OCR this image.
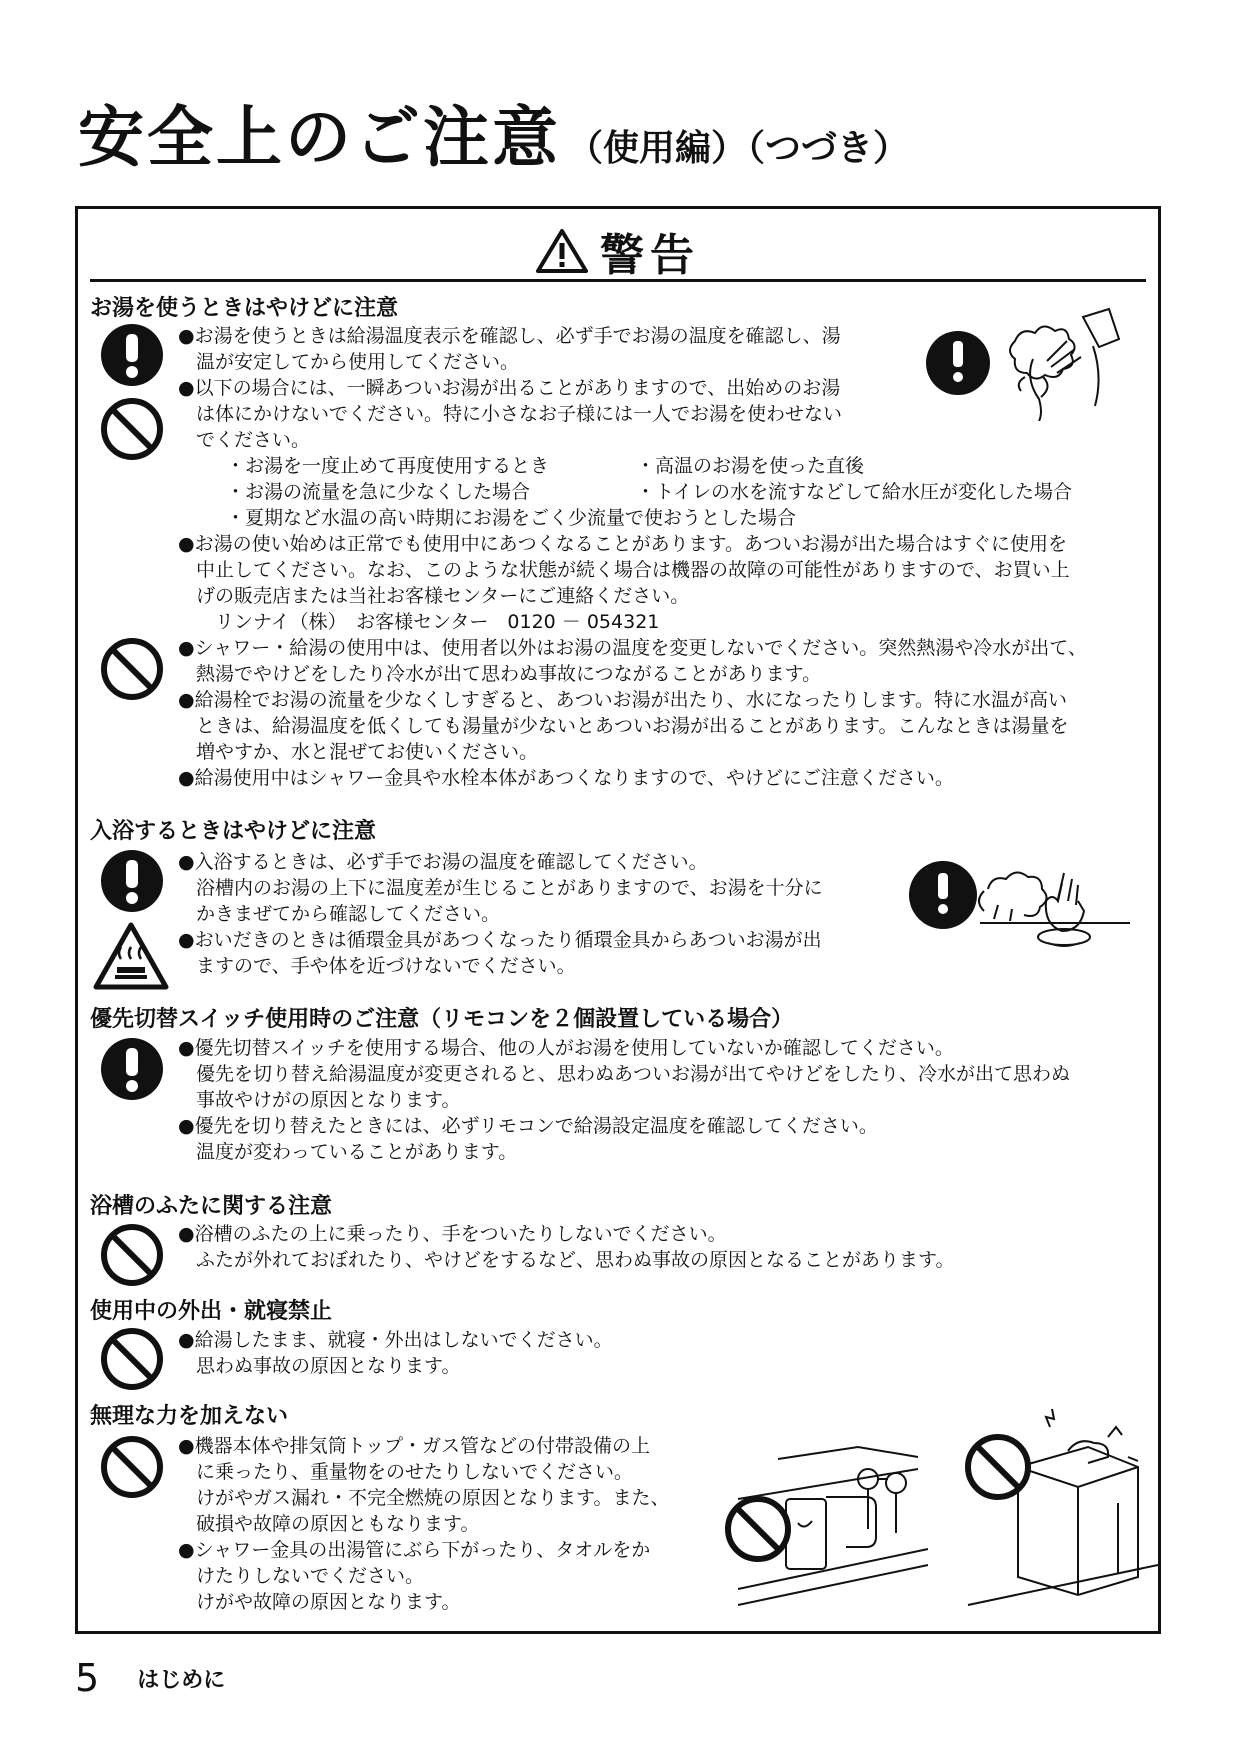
安全上のご注意 （使用編）（つづき）
警告
お湯を使うときはやけどに注意
●お湯を使うときは給湯温度表示を確認し、必ず手でお湯の温度を確認し、湯
温が安定してから使用してください。
●以下の場合には、一瞬あついお湯が出ることがありますので、出始めのお湯
は体にかけないでください。特に小さなお子様には一人でお湯を使わせない
でください。
・お湯を一度止めて再度使用するとき	・高温のお湯を使った直後
・お湯の流量を急に少なくした場合	・トイレの水を流すなどして給水圧が変化した場合
・夏期など水温の高い時期にお湯をごく少流量で使おうとした場合
●お湯の使い始めは正常でも使用中にあつくなることがあります。あついお湯が出た場合はすぐに使用を
中止してください。なお、このような状態が続く場合は機器の故障の可能性がありますので、お買い上
げの販売店または当社お客様センターにご連絡ください。
　リンナイ（株）　お客様センター　0120 － 054321
●シャワー・給湯の使用中は、使用者以外はお湯の温度を変更しないでください。突然熱湯や冷水が出て、
熱湯でやけどをしたり冷水が出て思わぬ事故につながることがあります。
●給湯栓でお湯の流量を少なくしすぎると、あついお湯が出たり、水になったりします。特に水温が高い
ときは、給湯温度を低くしても湯量が少ないとあついお湯が出ることがあります。こんなときは湯量を
増やすか、水と混ぜてお使いください。
●給湯使用中はシャワー金具や水栓本体があつくなりますので、やけどにご注意ください。
入浴するときはやけどに注意
●入浴するときは、必ず手でお湯の温度を確認してください。
浴槽内のお湯の上下に温度差が生じることがありますので、お湯を十分に
かきまぜてから確認してください。
●おいだきのときは循環金具があつくなったり循環金具からあついお湯が出
ますので、手や体を近づけないでください。
優先切替スイッチ使用時のご注意（リモコンを２個設置している場合）
●優先切替スイッチを使用する場合、他の人がお湯を使用していないか確認してください。
優先を切り替え給湯温度が変更されると、思わぬあついお湯が出てやけどをしたり、冷水が出て思わぬ
事故やけがの原因となります。
●優先を切り替えたときには、必ずリモコンで給湯設定温度を確認してください。
温度が変わっていることがあります。
浴槽のふたに関する注意
●浴槽のふたの上に乗ったり、手をついたりしないでください。
ふたが外れておぼれたり、やけどをするなど、思わぬ事故の原因となることがあります。
使用中の外出・就寝禁止
●給湯したまま、就寝・外出はしないでください。
思わぬ事故の原因となります。
無理な力を加えない
●機器本体や排気筒トップ・ガス管などの付帯設備の上
に乗ったり、重量物をのせたりしないでください。
けがやガス漏れ・不完全燃焼の原因となります。また、
破損や故障の原因ともなります。
●シャワー金具の出湯管にぶら下がったり、タオルをか
けたりしないでください。
けがや故障の原因となります。
5 はじめに
